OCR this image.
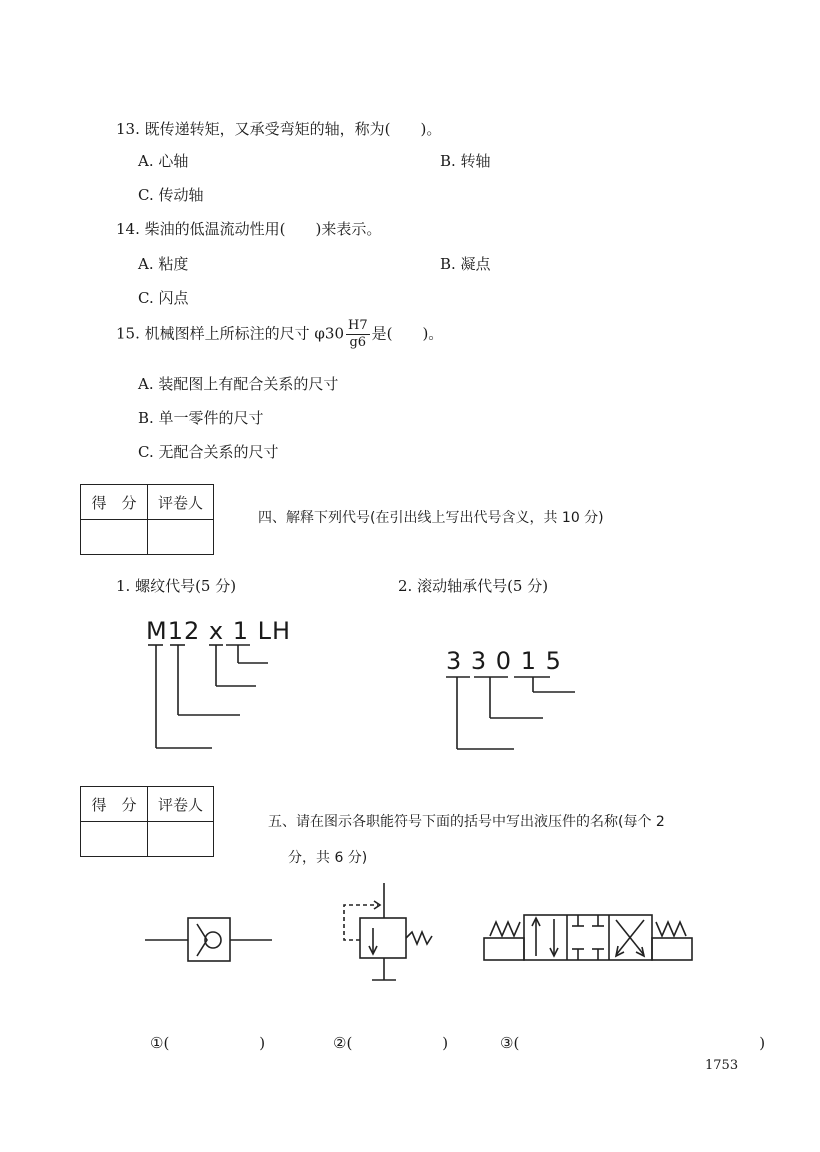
13. 既传递转矩，又承受弯矩的轴，称为(　　)。
A. 心轴	B. 转轴
C. 传动轴
14. 柴油的低温流动性用(　　)来表示。
A. 粘度	B. 凝点
C. 闪点
15. 机械图样上所标注的尺寸 $\varphi 30 \frac{H7}{g6}$ 是(　　)。
A. 装配图上有配合关系的尺寸
B. 单一零件的尺寸
C. 无配合关系的尺寸
得　分	评卷人

四、解释下列代号(在引出线上写出代号含义，共 10 分)
1. 螺纹代号(5 分)	2. 滚动轴承代号(5 分)
M12 x 1 LH
3 3 0 1 5
得　分	评卷人

五、请在图示各职能符号下面的括号中写出液压件的名称(每个 2
分，共 6 分)
①(　　　　　　)	②(　　　　　　)	③(　　　　　　　　　　　　　　　　)
1753
